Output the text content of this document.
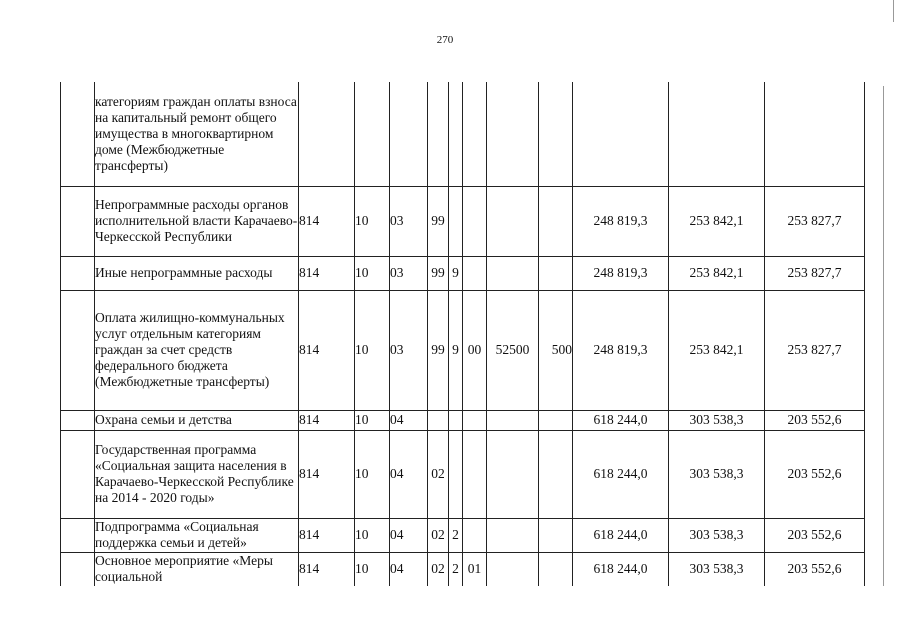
270
	категориям граждан оплаты взноса на капитальный ремонт общего имущества в многоквартирном доме (Межбюджетные трансферты)											
	Непрограммные расходы органов исполнительной власти Карачаево-Черкесской Республики	814	10	03	99					248 819,3	253 842,1	253 827,7
	Иные непрограммные расходы	814	10	03	99	9				248 819,3	253 842,1	253 827,7
	Оплата жилищно-коммунальных услуг отдельным категориям граждан за счет средств федерального бюджета (Межбюджетные трансферты)	814	10	03	99	9	00	52500	500	248 819,3	253 842,1	253 827,7
	Охрана семьи и детства	814	10	04						618 244,0	303 538,3	203 552,6
	Государственная программа «Социальная защита населения в Карачаево-Черкесской Республике на 2014 - 2020 годы»	814	10	04	02					618 244,0	303 538,3	203 552,6
	Подпрограмма «Социальная поддержка семьи и детей»	814	10	04	02	2				618 244,0	303 538,3	203 552,6
	Основное мероприятие «Меры социальной	814	10	04	02	2	01			618 244,0	303 538,3	203 552,6
